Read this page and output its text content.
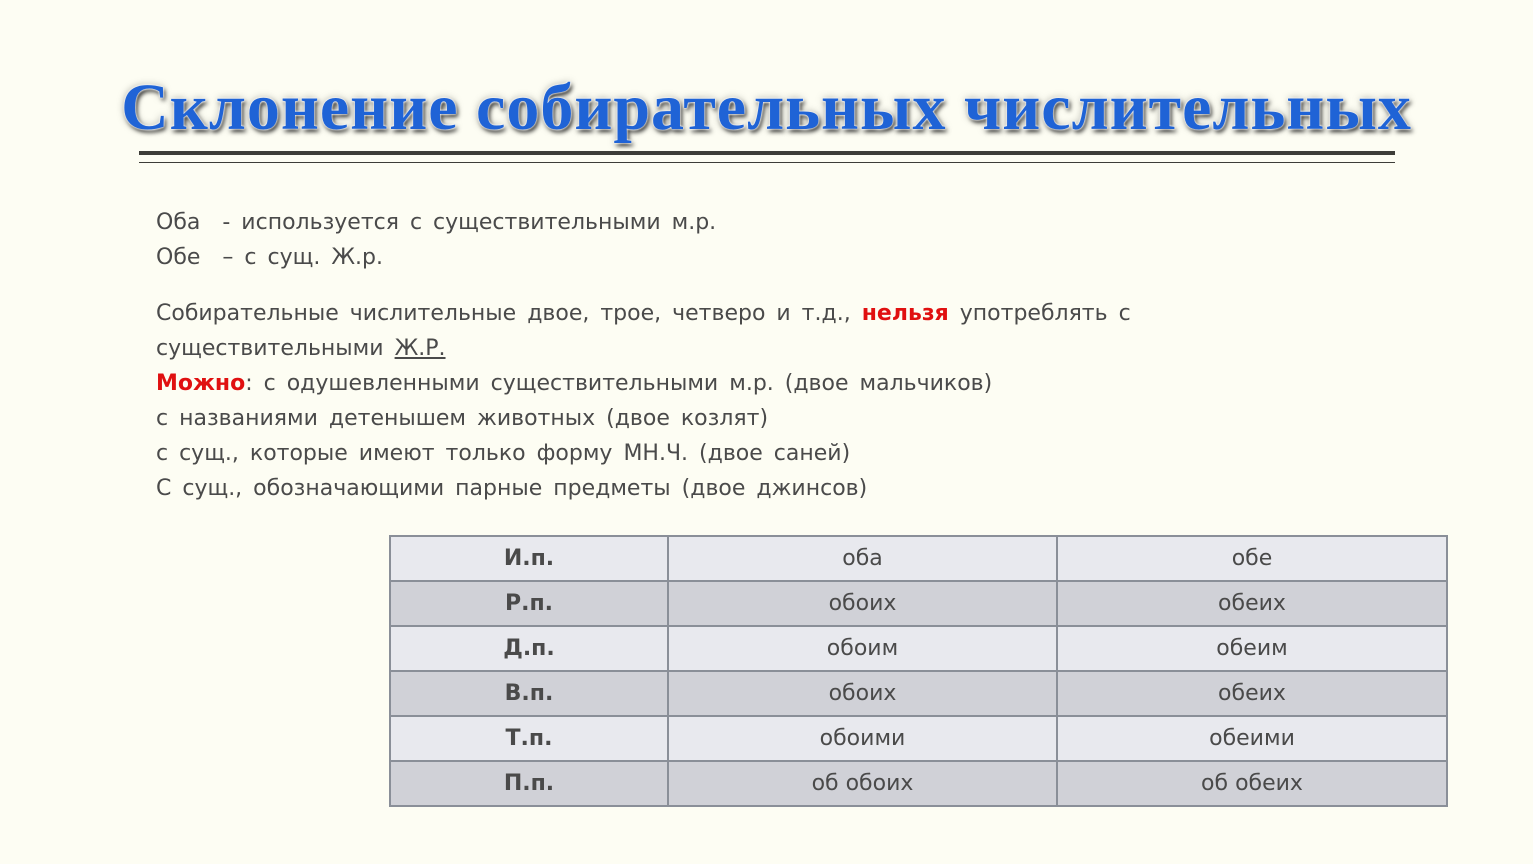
Склонение собирательных числительных
Оба - используется с существительными м.р.
Обе – с сущ. Ж.р.
Собирательные числительные двое, трое, четверо и т.д., нельзя употреблять с
существительными Ж.Р.
Можно: с одушевленными существительными м.р. (двое мальчиков)
с названиями детенышем животных (двое козлят)
с сущ., которые имеют только форму МН.Ч. (двое саней)
С сущ., обозначающими парные предметы (двое джинсов)
И.п.	оба	обе
Р.п.	обоих	обеих
Д.п.	обоим	обеим
В.п.	обоих	обеих
Т.п.	обоими	обеими
П.п.	об обоих	об обеих
